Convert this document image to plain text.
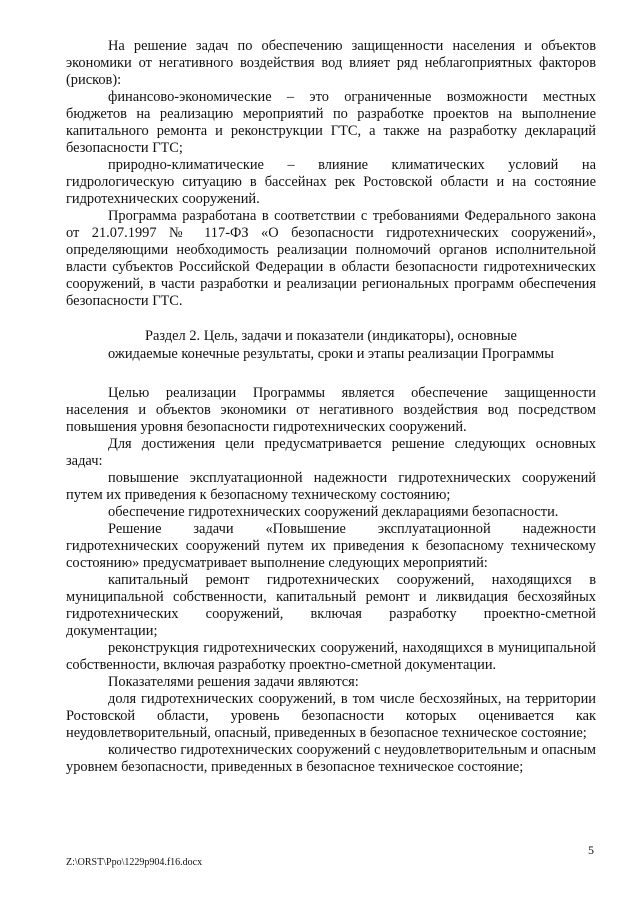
На решение задач по обеспечению защищенности населения и объектов экономики от негативного воздействия вод влияет ряд неблагоприятных факторов (рисков):

финансово-экономические – это ограниченные возможности местных бюджетов на реализацию мероприятий по разработке проектов на выполнение капитального ремонта и реконструкции ГТС, а также на разработку деклараций безопасности ГТС;

природно-климатические – влияние климатических условий на гидрологическую ситуацию в бассейнах рек Ростовской области и на состояние гидротехнических сооружений.

Программа разработана в соответствии с требованиями Федерального закона от 21.07.1997 № 117-ФЗ «О безопасности гидротехнических сооружений», определяющими необходимость реализации полномочий органов исполнительной власти субъектов Российской Федерации в области безопасности гидротехнических сооружений, в части разработки и реализации региональных программ обеспечения безопасности ГТС.

Раздел 2. Цель, задачи и показатели (индикаторы), основные
ожидаемые конечные результаты, сроки и этапы реализации Программы

Целью реализации Программы является обеспечение защищенности населения и объектов экономики от негативного воздействия вод посредством повышения уровня безопасности гидротехнических сооружений.

Для достижения цели предусматривается решение следующих основных задач:

повышение эксплуатационной надежности гидротехнических сооружений путем их приведения к безопасному техническому состоянию;

обеспечение гидротехнических сооружений декларациями безопасности.

Решение задачи «Повышение эксплуатационной надежности гидротехнических сооружений путем их приведения к безопасному техническому состоянию» предусматривает выполнение следующих мероприятий:

капитальный ремонт гидротехнических сооружений, находящихся в муниципальной собственности, капитальный ремонт и ликвидация бесхозяйных гидротехнических сооружений, включая разработку проектно-сметной документации;

реконструкция гидротехнических сооружений, находящихся в муниципальной собственности, включая разработку проектно-сметной документации.

Показателями решения задачи являются:

доля гидротехнических сооружений, в том числе бесхозяйных, на территории Ростовской области, уровень безопасности которых оценивается как неудовлетворительный, опасный, приведенных в безопасное техническое состояние;

количество гидротехнических сооружений с неудовлетворительным и опасным уровнем безопасности, приведенных в безопасное техническое состояние;

5
Z:\ORST\Ppo\1229p904.f16.docx
